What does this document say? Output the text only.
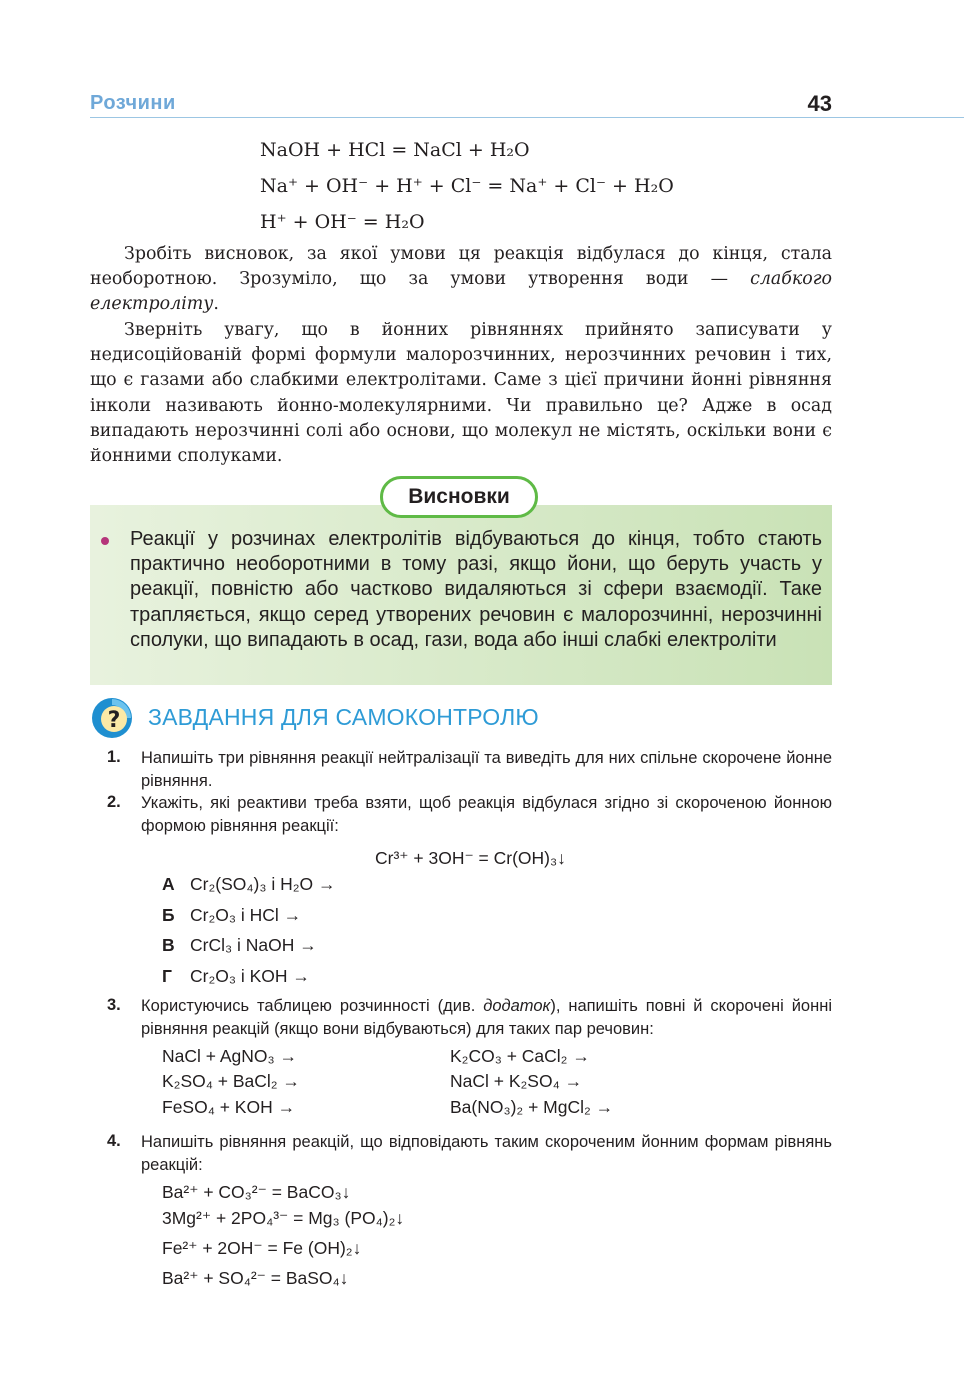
Розчини	43
NaOH + HCl = NaCl + H₂O
Na⁺ + OH⁻ + H⁺ + Cl⁻ = Na⁺ + Cl⁻ + H₂O
H⁺ + OH⁻ = H₂O
Зробіть висновок, за якої умови ця реакція відбулася до кінця, стала необоротною. Зрозуміло, що за умови утворення води — слабкого електроліту.
Зверніть увагу, що в йонних рівняннях прийнято записувати у недисоційованій формі формули малорозчинних, нерозчинних речовин і тих, що є газами або слабкими електролітами. Саме з цієї причини йонні рівняння інколи називають йонно-молекулярними. Чи правильно це? Адже в осад випадають нерозчинні солі або основи, що молекул не містять, оскільки вони є йонними сполуками.
Висновки
Реакції у розчинах електролітів відбуваються до кінця, тобто стають практично необоротними в тому разі, якщо йони, що беруть участь у реакції, повністю або частково видаляються зі сфери взаємодії. Таке трапляється, якщо серед утворених речовин є малорозчинні, нерозчинні сполуки, що випадають в осад, гази, вода або інші слабкі електроліти
? ЗАВДАННЯ ДЛЯ САМОКОНТРОЛЮ
1.	Напишіть три рівняння реакції нейтралізації та виведіть для них спільне скорочене йонне рівняння.
2.	Укажіть, які реактиви треба взяти, щоб реакція відбулася згідно зі скороченою йонною формою рівняння реакції:
Cr³⁺ + 3OH⁻ = Cr(OH)₃↓
А Cr₂(SO₄)₃ і H₂O →
Б Cr₂O₃ і HCl →
В CrCl₃ і NaOH →
Г Cr₂O₃ і KOH →
3.	Користуючись таблицею розчинності (див. додаток), напишіть повні й скорочені йонні рівняння реакцій (якщо вони відбуваються) для таких пар речовин:
NaCl + AgNO₃ →
K₂SO₄ + BaCl₂ →
FeSO₄ + KOH →
K₂CO₃ + CaCl₂ →
NaCl + K₂SO₄ →
Ba(NO₃)₂ + MgCl₂ →
4.	Напишіть рівняння реакцій, що відповідають таким скороченим йонним формам рівнянь реакцій:
Ba²⁺ + CO₃²⁻ = BaCO₃↓
3Mg²⁺ + 2PO₄³⁻ = Mg₃ (PO₄)₂↓
Fe²⁺ + 2OH⁻ = Fe (OH)₂↓
Ba²⁺ + SO₄²⁻ = BaSO₄↓
